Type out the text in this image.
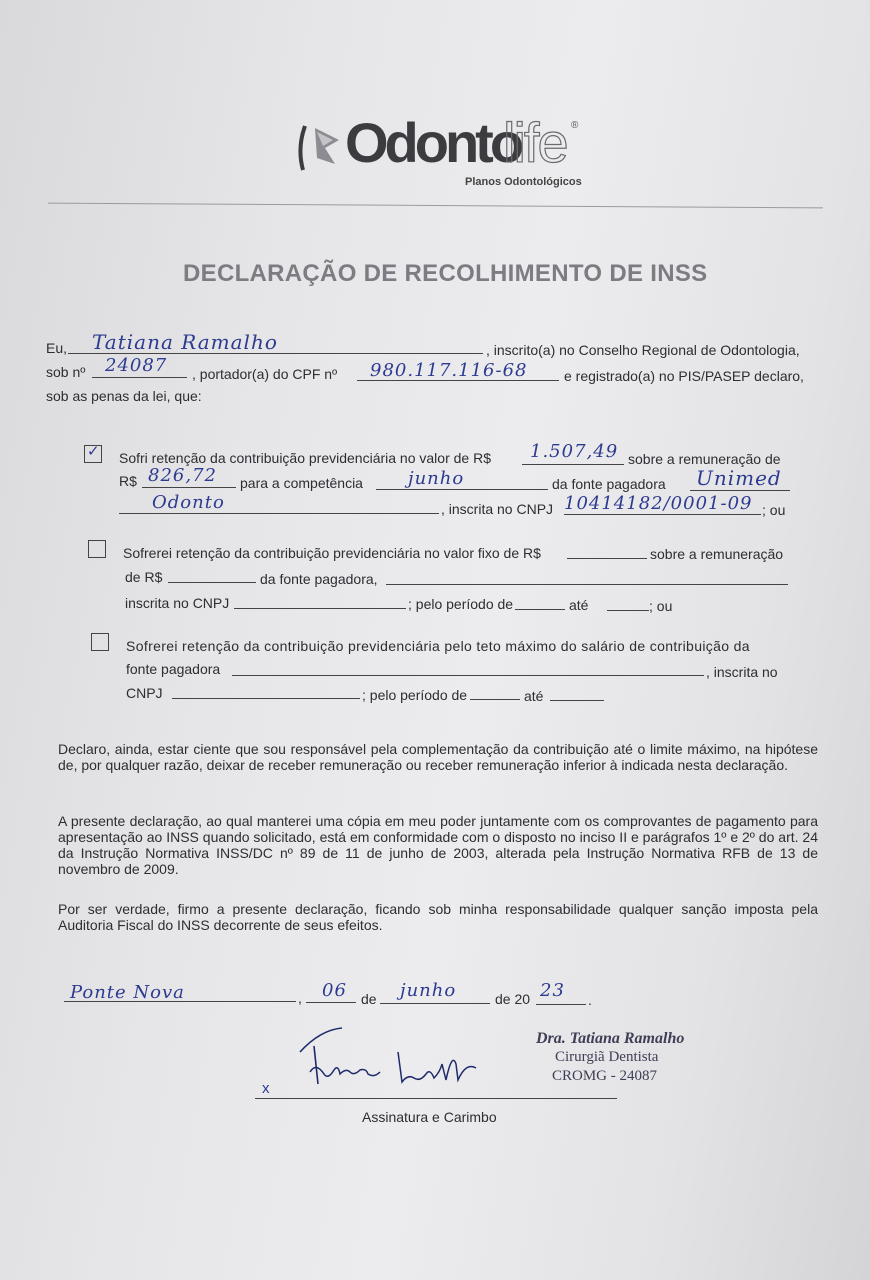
Odonto
life ®
Planos Odontológicos
DECLARAÇÃO DE RECOLHIMENTO DE INSS
Eu, Tatiana Ramalho	, inscrito(a) no Conselho Regional de Odontologia,
sob nº 24087 , portador(a) do CPF nº 980.117.116-68	e registrado(a) no PIS/PASEP declaro,
sob as penas da lei, que:
✓ Sofri retenção da contribuição previdenciária no valor de R$ 1.507,49 sobre a remuneração de
R$ 826,72 para a competência	junho	da fonte pagadora Unimed
Odonto	, inscrita no CNPJ 10414182/0001-09 ; ou
Sofrerei retenção da contribuição previdenciária no valor fixo de R$	sobre a remuneração
de R$	da fonte pagadora,
inscrita no CNPJ	; pelo período de	até	; ou
Sofrerei retenção da contribuição previdenciária pelo teto máximo do salário de contribuição da
fonte pagadora	, inscrita no
CNPJ	; pelo período de	até
Declaro, ainda, estar ciente que sou responsável pela complementação da contribuição até o limite máximo, na hipótese de, por qualquer razão, deixar de receber remuneração ou receber remuneração inferior à indicada nesta declaração.
A presente declaração, ao qual manterei uma cópia em meu poder juntamente com os comprovantes de pagamento para apresentação ao INSS quando solicitado, está em conformidade com o disposto no inciso II e parágrafos 1º e 2º do art. 24 da Instrução Normativa INSS/DC nº 89 de 11 de junho de 2003, alterada pela Instrução Normativa RFB de 13 de novembro de 2009.
Por ser verdade, firmo a presente declaração, ficando sob minha responsabilidade qualquer sanção imposta pela Auditoria Fiscal do INSS decorrente de seus efeitos.
Ponte Nova	, 06 de junho	de 20 23 .
Dra. Tatiana Ramalho
Cirurgiã Dentista
CROMG - 24087
x
Assinatura e Carimbo
